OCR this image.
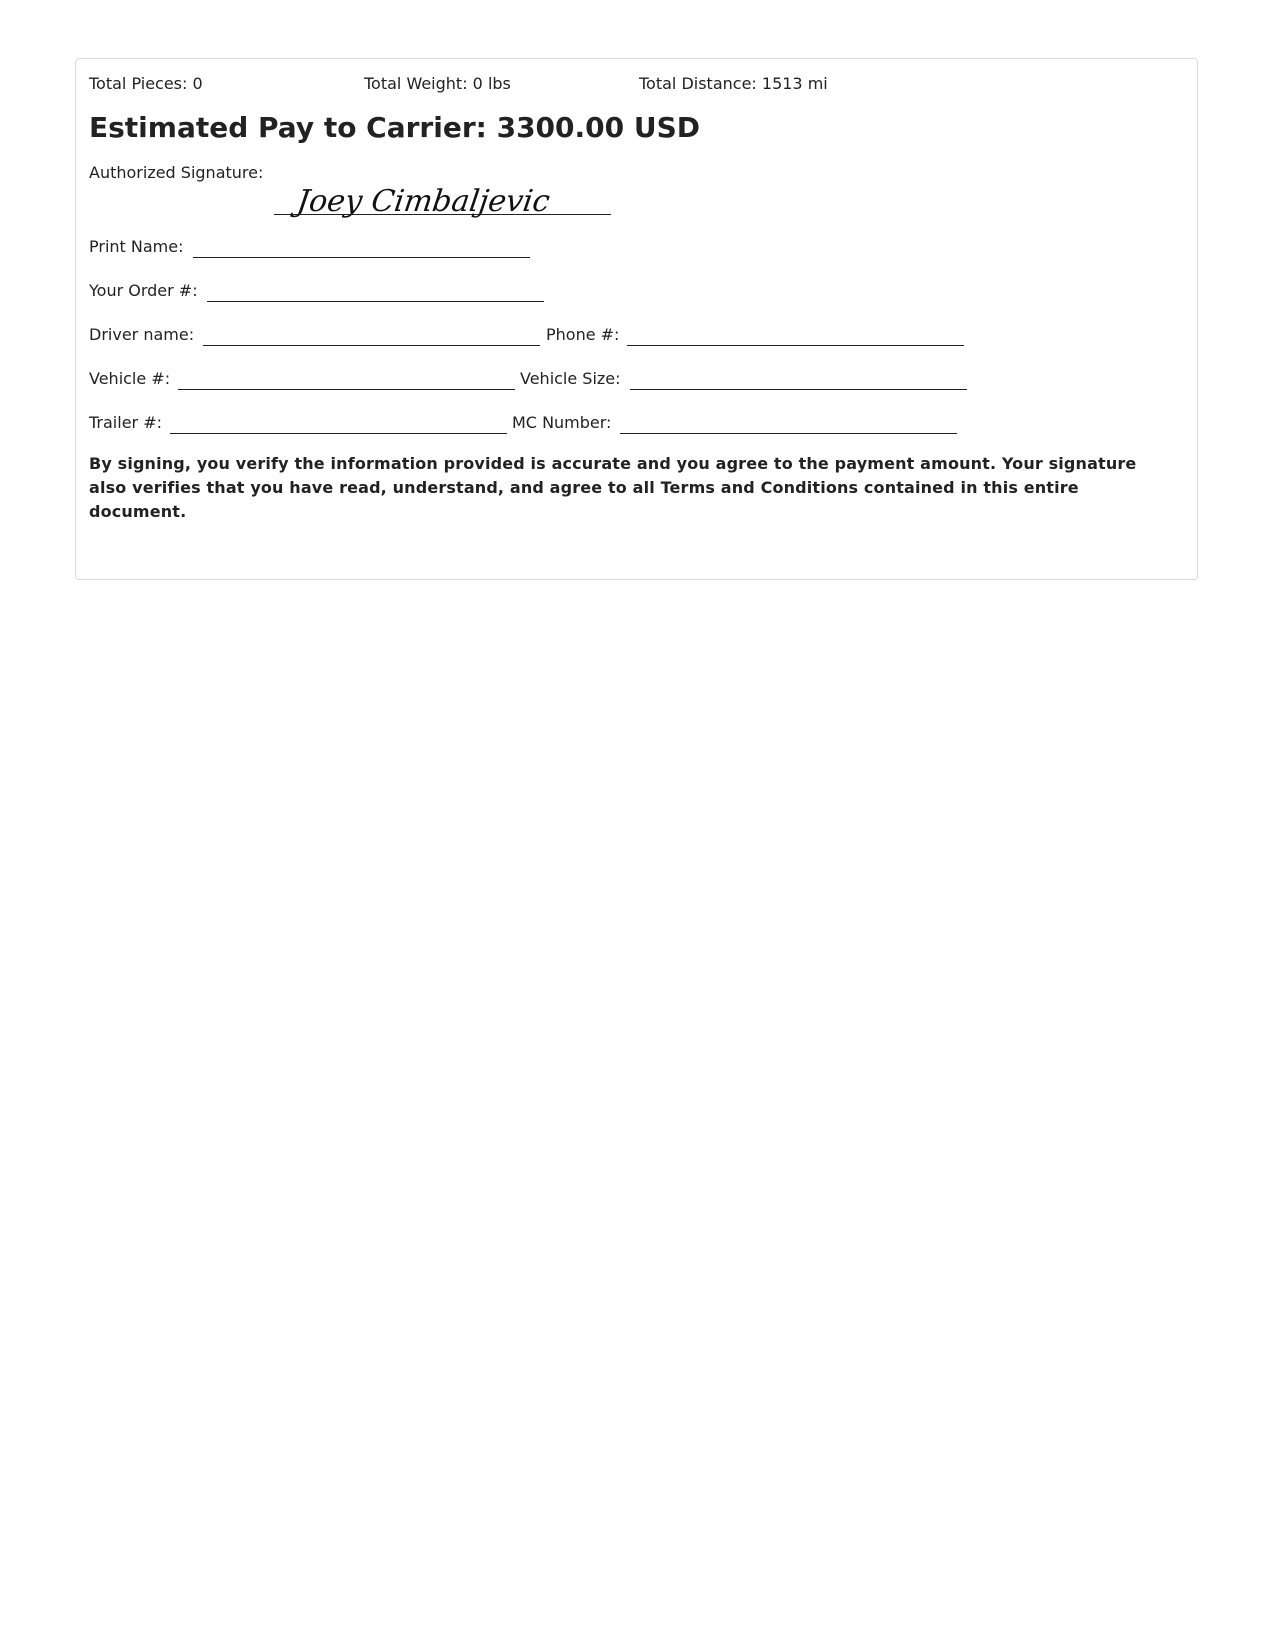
Total Pieces: 0	Total Weight: 0 lbs	Total Distance: 1513 mi
Estimated Pay to Carrier: 3300.00 USD
Authorized Signature:
Joey Cimbaljevic
Print Name:
Your Order #:
Driver name:	Phone #:
Vehicle #:	Vehicle Size:
Trailer #:	MC Number:

By signing, you verify the information provided is accurate and you agree to the payment amount. Your signature also verifies that you have read, understand, and agree to all Terms and Conditions contained in this entire document.
